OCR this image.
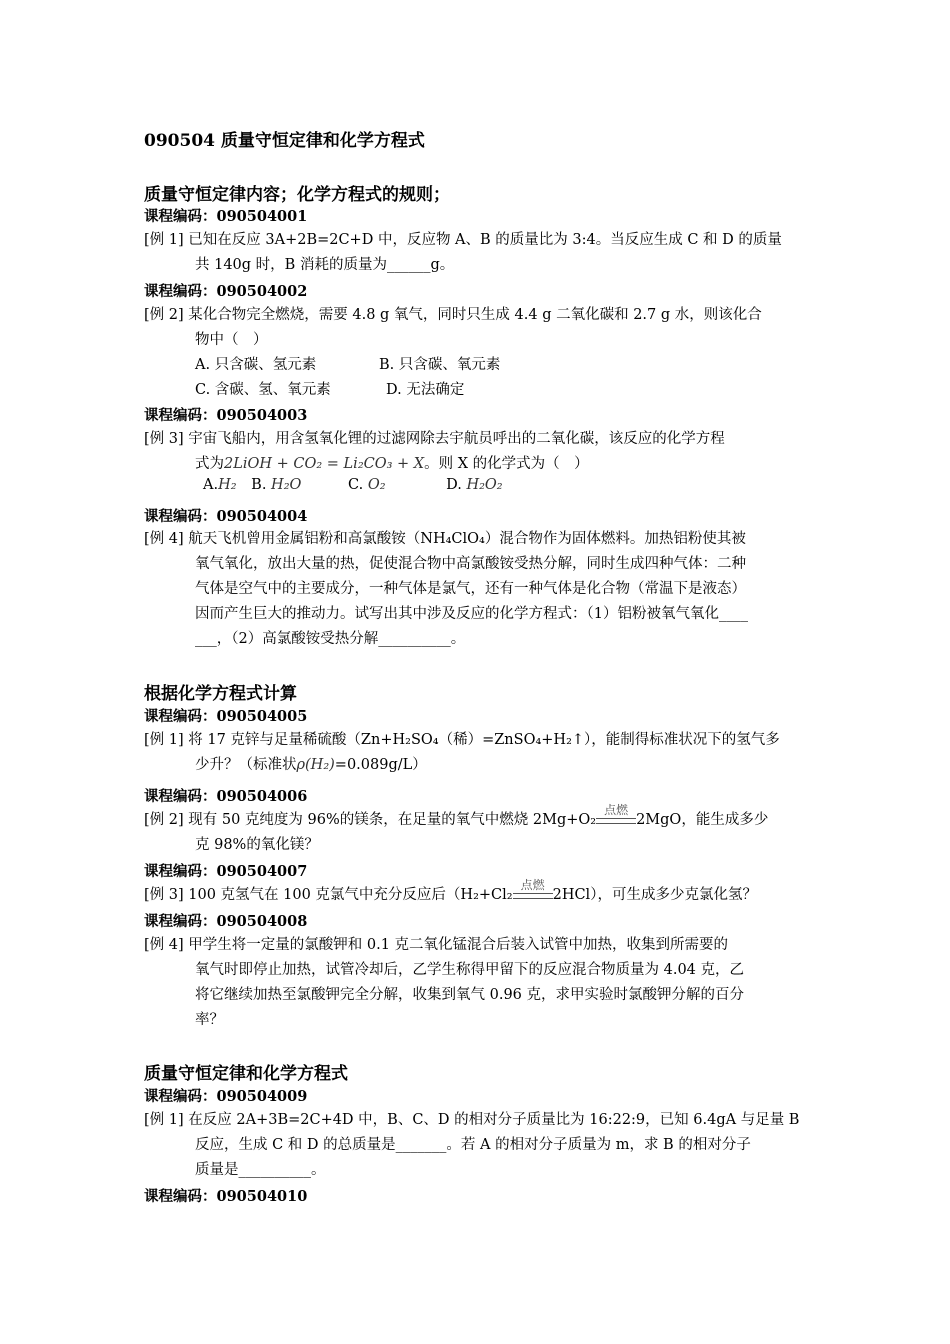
090504 质量守恒定律和化学方程式
质量守恒定律内容；化学方程式的规则；
课程编码：090504001
[例 1] 已知在反应 3A+2B=2C+D 中，反应物 A、B 的质量比为 3:4。当反应生成 C 和 D 的质量
共 140g 时，B 消耗的质量为______g。
课程编码：090504002
[例 2] 某化合物完全燃烧，需要 4.8 g 氧气，同时只生成 4.4 g 二氧化碳和 2.7 g 水，则该化合
物中（　）
A. 只含碳、氢元素	B. 只含碳、氧元素
C. 含碳、氢、氧元素	D. 无法确定
课程编码：090504003
[例 3] 宇宙飞船内，用含氢氧化锂的过滤网除去宇航员呼出的二氧化碳，该反应的化学方程
式为2LiOH + CO₂ = Li₂CO₃ + X。则 X 的化学式为（　）
A.H₂ B. H₂O	C. O₂	D. H₂O₂
课程编码：090504004
[例 4] 航天飞机曾用金属铝粉和高氯酸铵（NH₄ClO₄）混合物作为固体燃料。加热铝粉使其被
氧气氧化，放出大量的热，促使混合物中高氯酸铵受热分解，同时生成四种气体：二种
气体是空气中的主要成分，一种气体是氯气，还有一种气体是化合物（常温下是液态）
因而产生巨大的推动力。试写出其中涉及反应的化学方程式：（1）铝粉被氧气氧化____
___，（2）高氯酸铵受热分解__________。
根据化学方程式计算
课程编码：090504005
[例 1] 将 17 克锌与足量稀硫酸（Zn+H₂SO₄（稀）=ZnSO₄+H₂↑），能制得标准状况下的氢气多
少升？（标准状ρ(H₂)=0.089g/L）
课程编码：090504006
[例 2] 现有 50 克纯度为 96%的镁条，在足量的氧气中燃烧 2Mg+O₂
点燃
2MgO，能生成多少
克 98%的氧化镁？
课程编码：090504007
[例 3] 100 克氢气在 100 克氯气中充分反应后（H₂+Cl₂
点燃
2HCl），可生成多少克氯化氢？
课程编码：090504008
[例 4] 甲学生将一定量的氯酸钾和 0.1 克二氧化锰混合后装入试管中加热，收集到所需要的
氧气时即停止加热，试管冷却后，乙学生称得甲留下的反应混合物质量为 4.04 克，乙
将它继续加热至氯酸钾完全分解，收集到氧气 0.96 克，求甲实验时氯酸钾分解的百分
率？
质量守恒定律和化学方程式
课程编码：090504009
[例 1] 在反应 2A+3B=2C+4D 中，B、C、D 的相对分子质量比为 16:22:9，已知 6.4gA 与足量 B
反应，生成 C 和 D 的总质量是_______。若 A 的相对分子质量为 m，求 B 的相对分子
质量是__________。
课程编码：090504010
